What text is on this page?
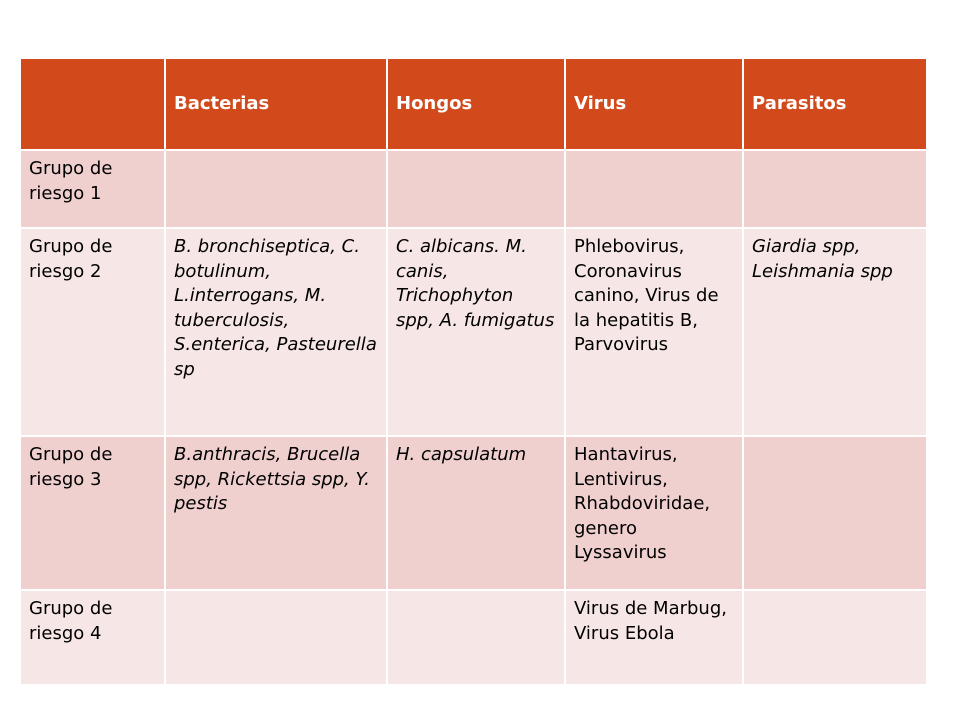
	Bacterias	Hongos	Virus	Parasitos
Grupo de riesgo 1				
Grupo de riesgo 2	B. bronchiseptica, C. botulinum, L.interrogans, M. tuberculosis, S.enterica, Pasteurella sp	C. albicans. M. canis, Trichophyton spp, A. fumigatus	Phlebovirus, Coronavirus canino, Virus de la hepatitis B, Parvovirus	Giardia spp, Leishmania spp
Grupo de riesgo 3	B.anthracis, Brucella spp, Rickettsia spp, Y. pestis	H. capsulatum	Hantavirus, Lentivirus, Rhabdoviridae, genero Lyssavirus	
Grupo de riesgo 4			Virus de Marbug, Virus Ebola	
